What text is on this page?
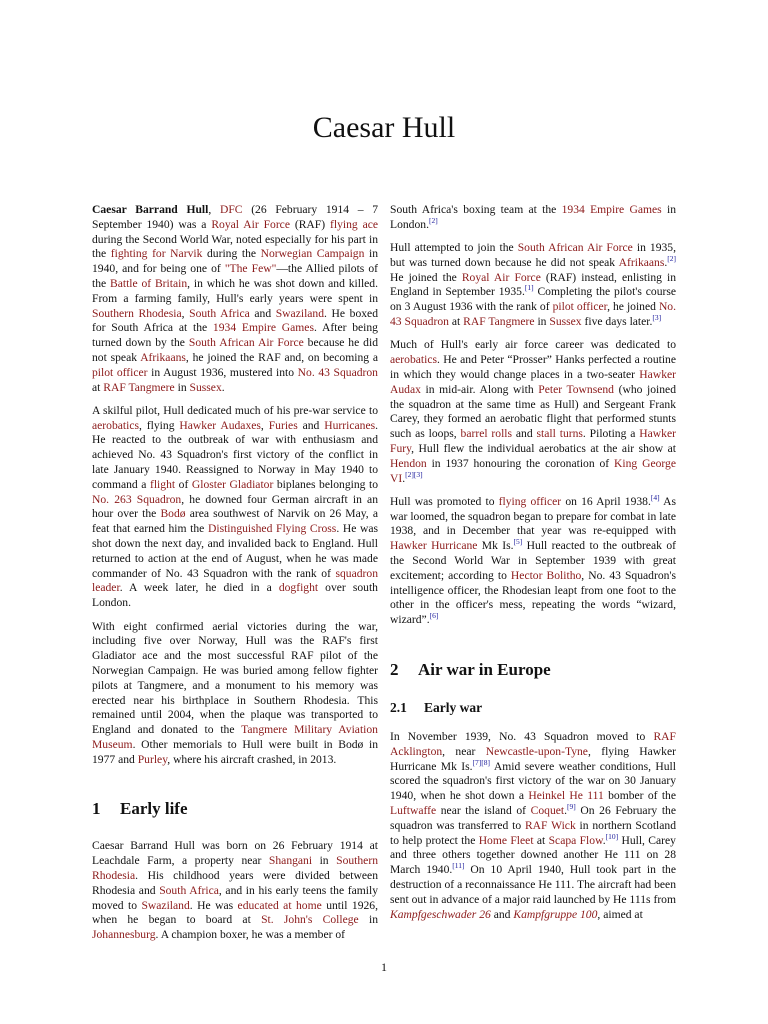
Caesar Hull

Caesar Barrand Hull, DFC (26 February 1914 – 7 September 1940) was a Royal Air Force (RAF) flying ace during the Second World War, noted especially for his part in the fighting for Narvik during the Norwegian Campaign in 1940, and for being one of "The Few"—the Allied pilots of the Battle of Britain, in which he was shot down and killed. From a farming family, Hull's early years were spent in Southern Rhodesia, South Africa and Swaziland. He boxed for South Africa at the 1934 Empire Games. After being turned down by the South African Air Force because he did not speak Afrikaans, he joined the RAF and, on becoming a pilot officer in August 1936, mustered into No. 43 Squadron at RAF Tangmere in Sussex.

A skilful pilot, Hull dedicated much of his pre-war service to aerobatics, flying Hawker Audaxes, Furies and Hurricanes. He reacted to the outbreak of war with enthusiasm and achieved No. 43 Squadron's first victory of the conflict in late January 1940. Reassigned to Norway in May 1940 to command a flight of Gloster Gladiator biplanes belonging to No. 263 Squadron, he downed four German aircraft in an hour over the Bodø area southwest of Narvik on 26 May, a feat that earned him the Distinguished Flying Cross. He was shot down the next day, and invalided back to England. Hull returned to action at the end of August, when he was made commander of No. 43 Squadron with the rank of squadron leader. A week later, he died in a dogfight over south London.

With eight confirmed aerial victories during the war, including five over Norway, Hull was the RAF's first Gladiator ace and the most successful RAF pilot of the Norwegian Campaign. He was buried among fellow fighter pilots at Tangmere, and a monument to his memory was erected near his birthplace in Southern Rhodesia. This remained until 2004, when the plaque was transported to England and donated to the Tangmere Military Aviation Museum. Other memorials to Hull were built in Bodø in 1977 and Purley, where his aircraft crashed, in 2013.

1 Early life

Caesar Barrand Hull was born on 26 February 1914 at Leachdale Farm, a property near Shangani in Southern Rhodesia. His childhood years were divided between Rhodesia and South Africa, and in his early teens the family moved to Swaziland. He was educated at home until 1926, when he began to board at St. John's College in Johannesburg. A champion boxer, he was a member of

South Africa's boxing team at the 1934 Empire Games in London.[2]

Hull attempted to join the South African Air Force in 1935, but was turned down because he did not speak Afrikaans.[2] He joined the Royal Air Force (RAF) instead, enlisting in England in September 1935.[1] Completing the pilot's course on 3 August 1936 with the rank of pilot officer, he joined No. 43 Squadron at RAF Tangmere in Sussex five days later.[3]

Much of Hull's early air force career was dedicated to aerobatics. He and Peter “Prosser” Hanks perfected a routine in which they would change places in a two-seater Hawker Audax in mid-air. Along with Peter Townsend (who joined the squadron at the same time as Hull) and Sergeant Frank Carey, they formed an aerobatic flight that performed stunts such as loops, barrel rolls and stall turns. Piloting a Hawker Fury, Hull flew the individual aerobatics at the air show at Hendon in 1937 honouring the coronation of King George VI.[2][3]

Hull was promoted to flying officer on 16 April 1938.[4] As war loomed, the squadron began to prepare for combat in late 1938, and in December that year was re-equipped with Hawker Hurricane Mk Is.[5] Hull reacted to the outbreak of the Second World War in September 1939 with great excitement; according to Hector Bolitho, No. 43 Squadron's intelligence officer, the Rhodesian leapt from one foot to the other in the officer's mess, repeating the words “wizard, wizard”.[6]

2 Air war in Europe
2.1 Early war

In November 1939, No. 43 Squadron moved to RAF Acklington, near Newcastle-upon-Tyne, flying Hawker Hurricane Mk Is.[7][8] Amid severe weather conditions, Hull scored the squadron's first victory of the war on 30 January 1940, when he shot down a Heinkel He 111 bomber of the Luftwaffe near the island of Coquet.[9] On 26 February the squadron was transferred to RAF Wick in northern Scotland to help protect the Home Fleet at Scapa Flow.[10] Hull, Carey and three others together downed another He 111 on 28 March 1940.[11] On 10 April 1940, Hull took part in the destruction of a reconnaissance He 111. The aircraft had been sent out in advance of a major raid launched by He 111s from Kampfgeschwader 26 and Kampfgruppe 100, aimed at

1
